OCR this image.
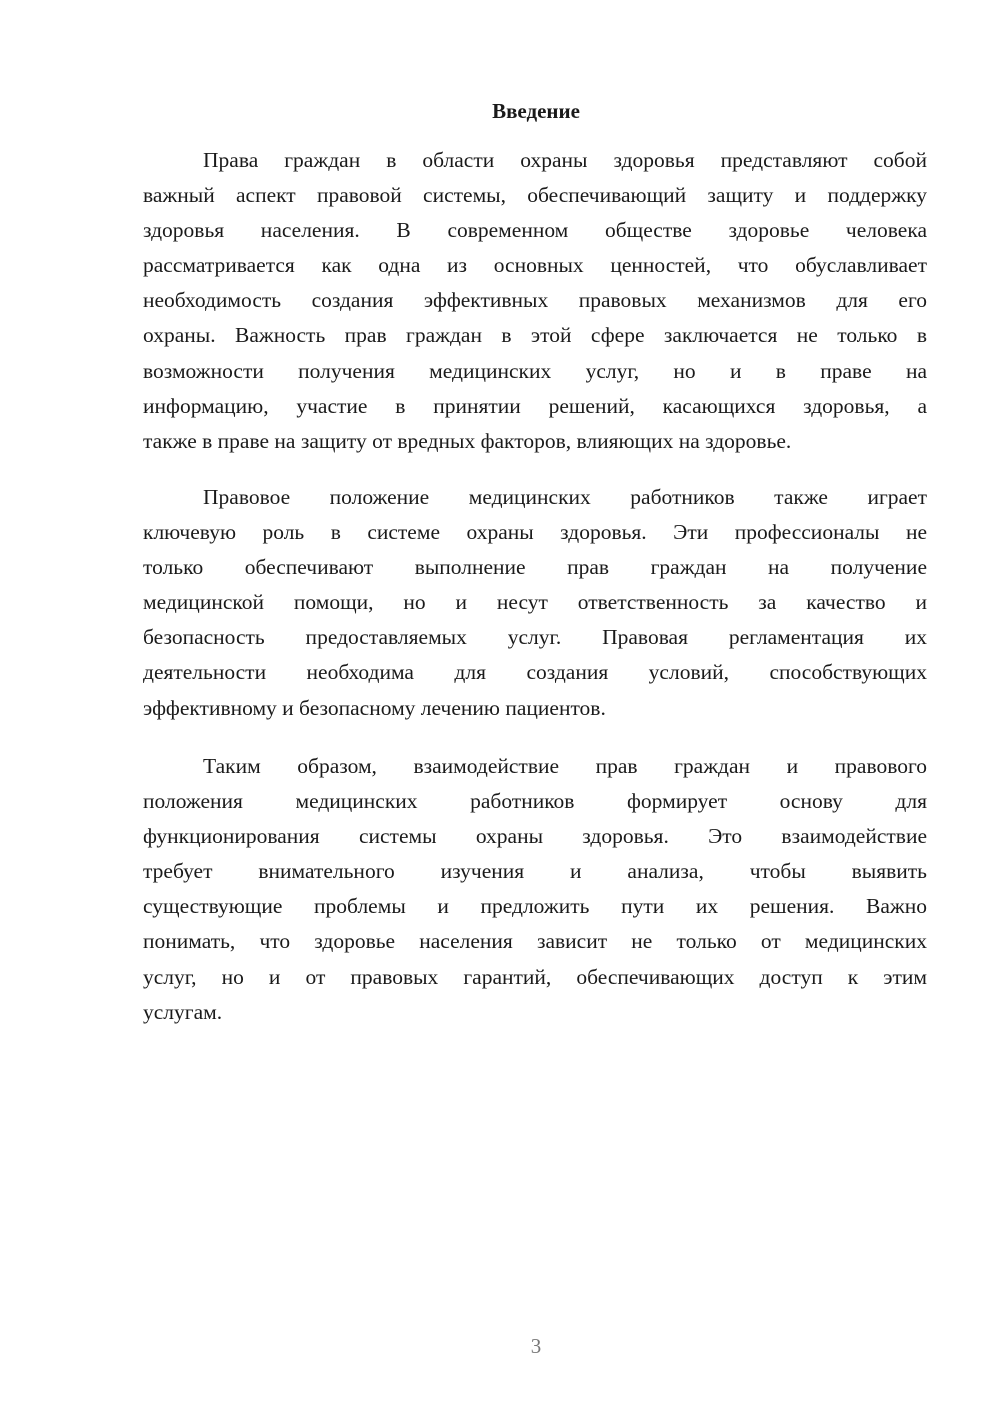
Введение
Права граждан в области охраны здоровья представляют собой
важный аспект правовой системы, обеспечивающий защиту и поддержку
здоровья населения. В современном обществе здоровье человека
рассматривается как одна из основных ценностей, что обуславливает
необходимость создания эффективных правовых механизмов для его
охраны. Важность прав граждан в этой сфере заключается не только в
возможности получения медицинских услуг, но и в праве на
информацию, участие в принятии решений, касающихся здоровья, а
также в праве на защиту от вредных факторов, влияющих на здоровье.
Правовое положение медицинских работников также играет
ключевую роль в системе охраны здоровья. Эти профессионалы не
только обеспечивают выполнение прав граждан на получение
медицинской помощи, но и несут ответственность за качество и
безопасность предоставляемых услуг. Правовая регламентация их
деятельности необходима для создания условий, способствующих
эффективному и безопасному лечению пациентов.
Таким образом, взаимодействие прав граждан и правового
положения медицинских работников формирует основу для
функционирования системы охраны здоровья. Это взаимодействие
требует внимательного изучения и анализа, чтобы выявить
существующие проблемы и предложить пути их решения. Важно
понимать, что здоровье населения зависит не только от медицинских
услуг, но и от правовых гарантий, обеспечивающих доступ к этим
услугам.
3
